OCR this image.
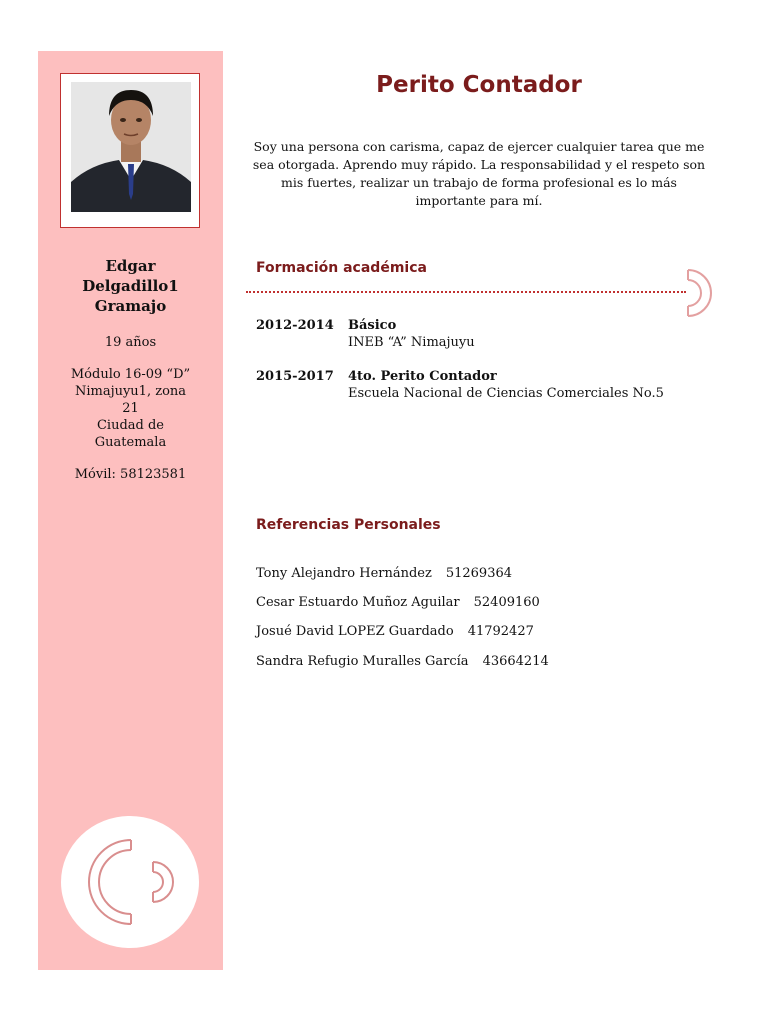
Edgar
Delgadillo1
Gramajo
19 años
Módulo 16-09 “D”
Nimajuyu1, zona
21
Ciudad de
Guatemala
Móvil: 58123581
Perito Contador
Soy una persona con carisma, capaz de ejercer cualquier tarea que me sea otorgada. Aprendo muy rápido. La responsabilidad y el respeto son mis fuertes, realizar un trabajo de forma profesional es lo más importante para mí.
Formación académica
2012-2014 Básico
INEB “A” Nimajuyu
2015-2017 4to. Perito Contador
Escuela Nacional de Ciencias Comerciales No.5
Referencias Personales
Tony Alejandro Hernández 51269364
Cesar Estuardo Muñoz Aguilar 52409160
Josué David LOPEZ Guardado 41792427
Sandra Refugio Muralles García 43664214
